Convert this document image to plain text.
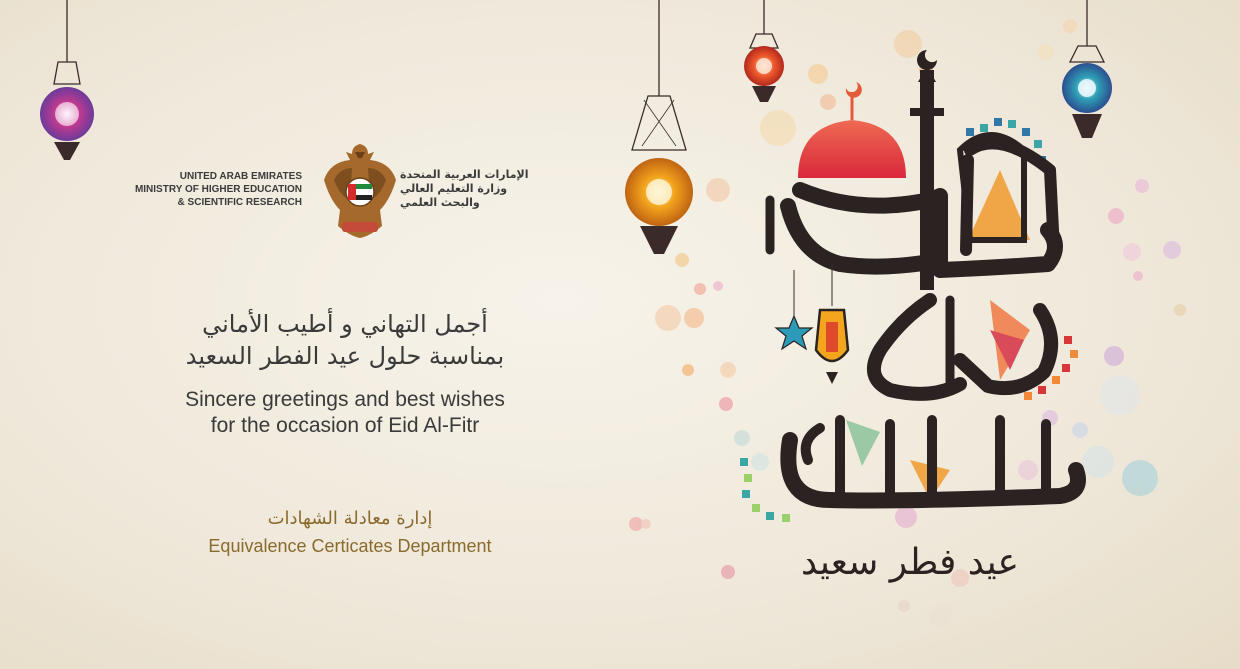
UNITED ARAB EMIRATES
MINISTRY OF HIGHER EDUCATION
& SCIENTIFIC RESEARCH
الإمارات العربية المتحدة
وزارة التعليم العالي
والبحث العلمي
أجمل التهاني و أطيب الأماني
بمناسبة حلول عيد الفطر السعيد
Sincere greetings and best wishes
for the occasion of Eid Al-Fitr
إدارة معادلة الشهادات
Equivalence Certicates Department	عيد فطر سعيد
